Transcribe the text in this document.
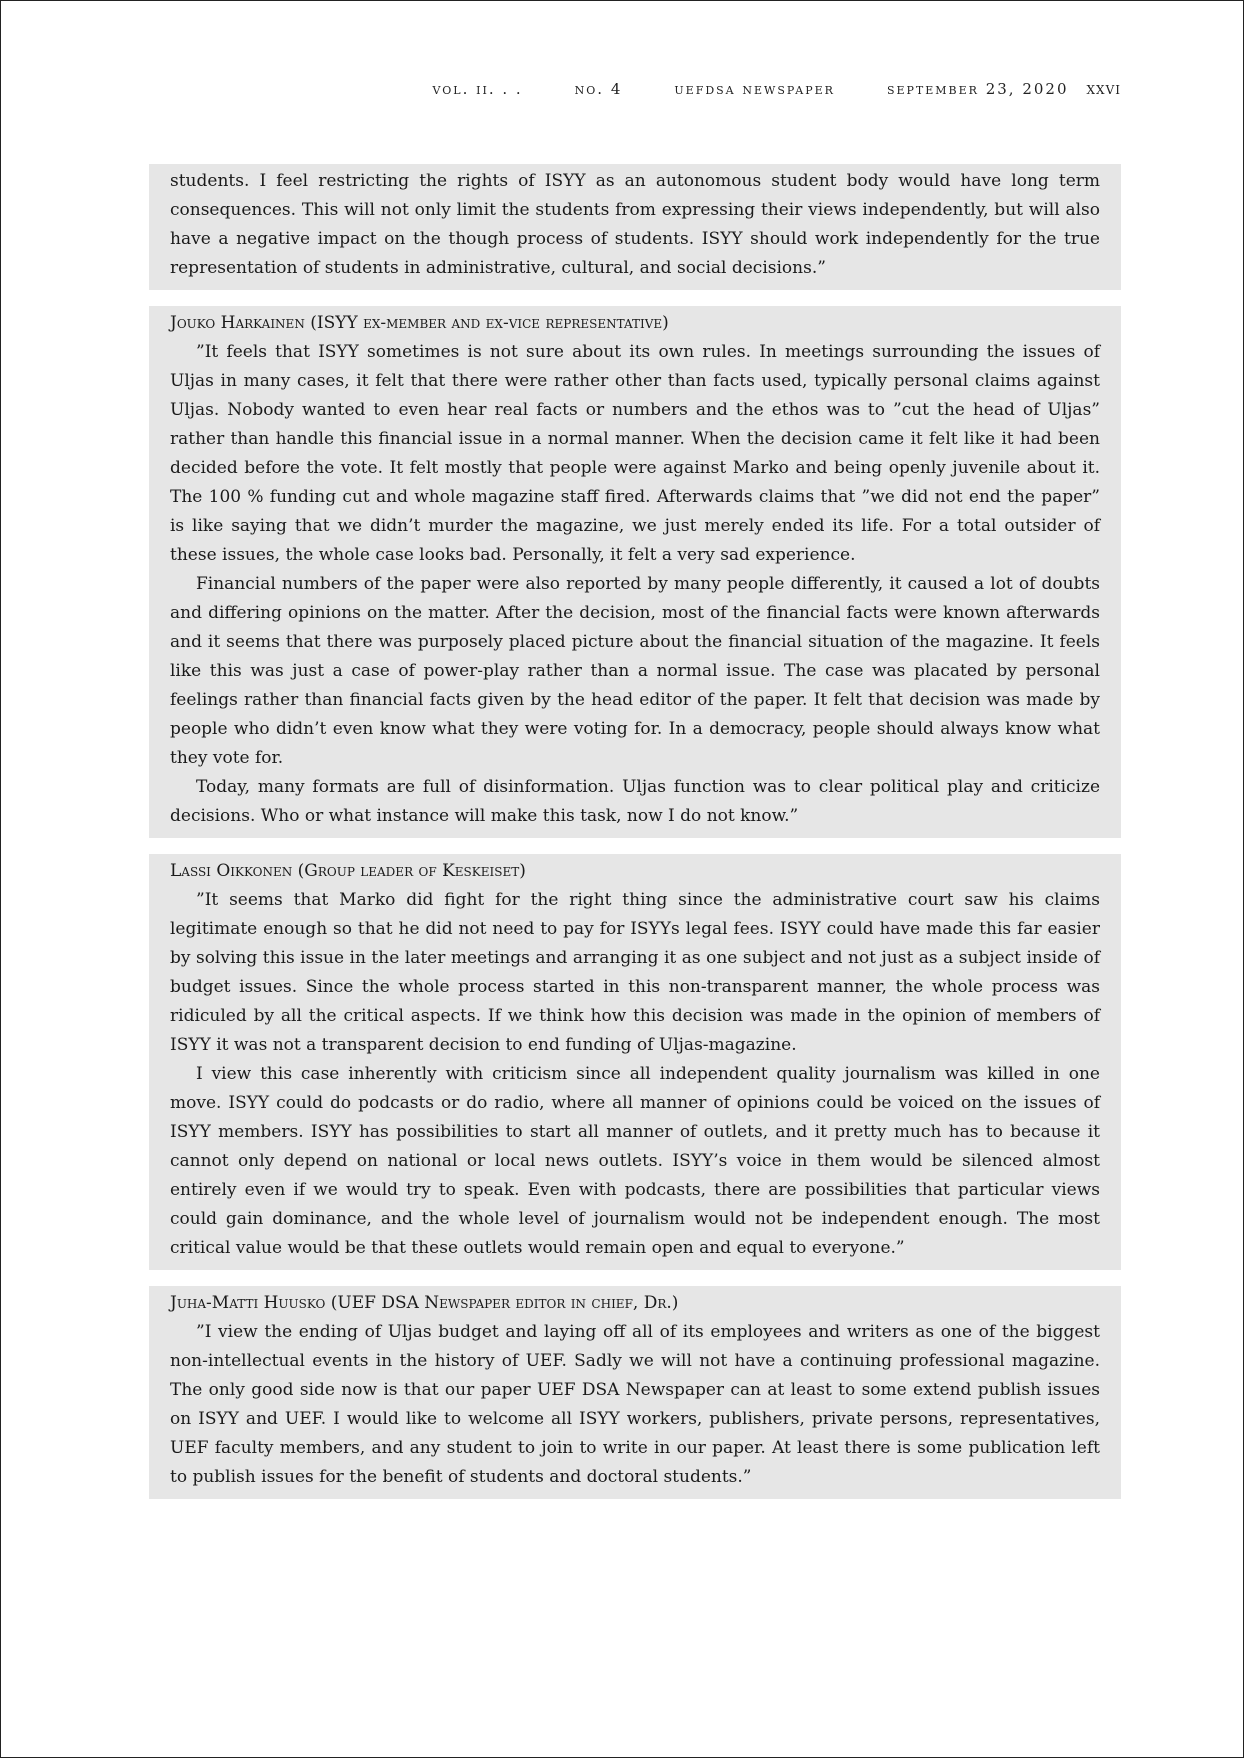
vol. ii. . .	no. 4	uefdsa newspaper	september 23, 2020 xxvi

students. I feel restricting the rights of ISYY as an autonomous student body would have long term consequences. This will not only limit the students from expressing their views independently, but will also have a negative impact on the though process of students. ISYY should work independently for the true representation of students in administrative, cultural, and social decisions.”

Jouko Harkainen (ISYY ex-member and ex-vice representative)

”It feels that ISYY sometimes is not sure about its own rules. In meetings surrounding the issues of Uljas in many cases, it felt that there were rather other than facts used, typically personal claims against Uljas. Nobody wanted to even hear real facts or numbers and the ethos was to ”cut the head of Uljas” rather than handle this financial issue in a normal manner. When the decision came it felt like it had been decided before the vote. It felt mostly that people were against Marko and being openly juvenile about it. The 100 % funding cut and whole magazine staff fired. Afterwards claims that ”we did not end the paper” is like saying that we didn’t murder the magazine, we just merely ended its life. For a total outsider of these issues, the whole case looks bad. Personally, it felt a very sad experience.

Financial numbers of the paper were also reported by many people differently, it caused a lot of doubts and differing opinions on the matter. After the decision, most of the financial facts were known afterwards and it seems that there was purposely placed picture about the financial situation of the magazine. It feels like this was just a case of power-play rather than a normal issue. The case was placated by personal feelings rather than financial facts given by the head editor of the paper. It felt that decision was made by people who didn’t even know what they were voting for. In a democracy, people should always know what they vote for.

Today, many formats are full of disinformation. Uljas function was to clear political play and criticize decisions. Who or what instance will make this task, now I do not know.”

Lassi Oikkonen (Group leader of Keskeiset)

”It seems that Marko did fight for the right thing since the administrative court saw his claims legitimate enough so that he did not need to pay for ISYYs legal fees. ISYY could have made this far easier by solving this issue in the later meetings and arranging it as one subject and not just as a subject inside of budget issues. Since the whole process started in this non-transparent manner, the whole process was ridiculed by all the critical aspects. If we think how this decision was made in the opinion of members of ISYY it was not a transparent decision to end funding of Uljas-magazine.

I view this case inherently with criticism since all independent quality journalism was killed in one move. ISYY could do podcasts or do radio, where all manner of opinions could be voiced on the issues of ISYY members. ISYY has possibilities to start all manner of outlets, and it pretty much has to because it cannot only depend on national or local news outlets. ISYY’s voice in them would be silenced almost entirely even if we would try to speak. Even with podcasts, there are possibilities that particular views could gain dominance, and the whole level of journalism would not be independent enough. The most critical value would be that these outlets would remain open and equal to everyone.”

Juha-Matti Huusko (UEF DSA Newspaper editor in chief, Dr.)

”I view the ending of Uljas budget and laying off all of its employees and writers as one of the biggest non-intellectual events in the history of UEF. Sadly we will not have a continuing professional magazine. The only good side now is that our paper UEF DSA Newspaper can at least to some extend publish issues on ISYY and UEF. I would like to welcome all ISYY workers, publishers, private persons, representatives, UEF faculty members, and any student to join to write in our paper. At least there is some publication left to publish issues for the benefit of students and doctoral students.”
